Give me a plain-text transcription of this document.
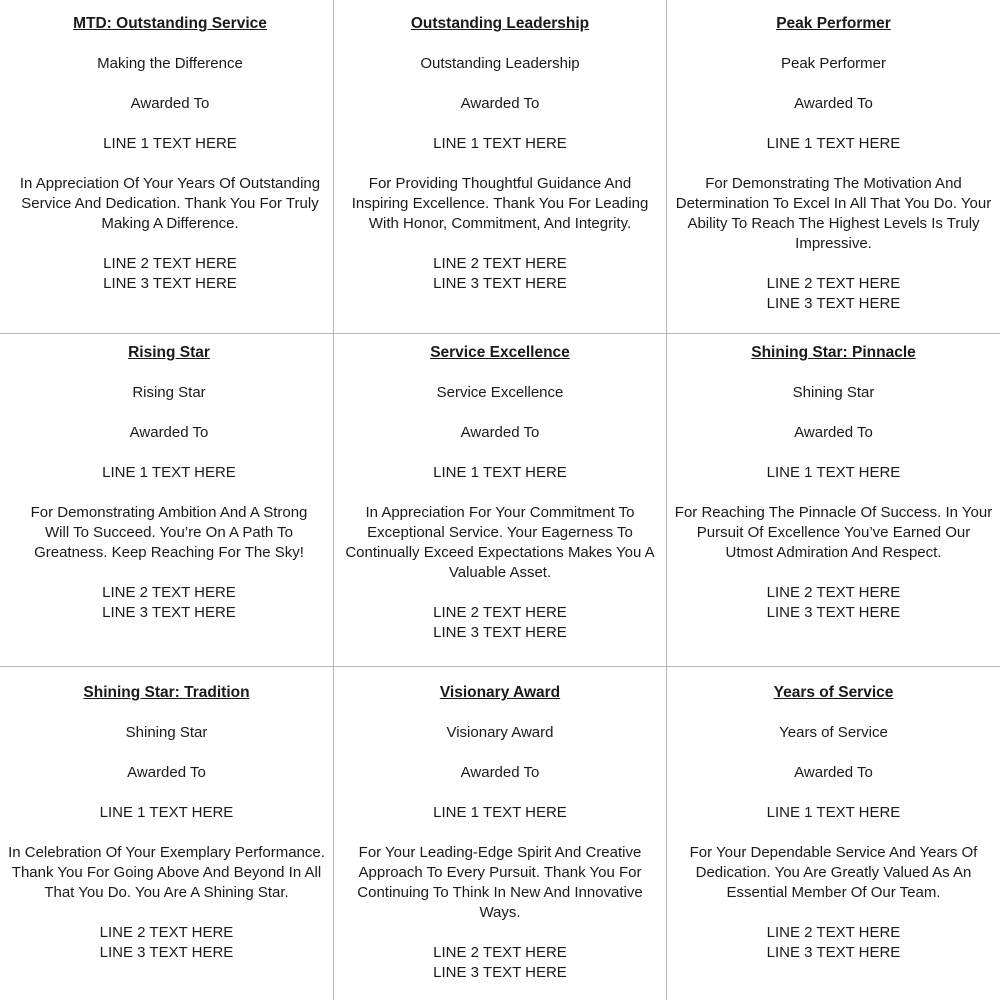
MTD: Outstanding Service
Making the Difference
Awarded To
LINE 1 TEXT HERE
In Appreciation Of Your Years Of Outstanding
Service And Dedication. Thank You For Truly
Making A Difference.
LINE 2 TEXT HERE
LINE 3 TEXT HERE
Outstanding Leadership
Outstanding Leadership
Awarded To
LINE 1 TEXT HERE
For Providing Thoughtful Guidance And
Inspiring Excellence. Thank You For Leading
With Honor, Commitment, And Integrity.
LINE 2 TEXT HERE
LINE 3 TEXT HERE
Peak Performer
Peak Performer
Awarded To
LINE 1 TEXT HERE
For Demonstrating The Motivation And
Determination To Excel In All That You Do. Your
Ability To Reach The Highest Levels Is Truly
Impressive.
LINE 2 TEXT HERE
LINE 3 TEXT HERE
Rising Star
Rising Star
Awarded To
LINE 1 TEXT HERE
For Demonstrating Ambition And A Strong
Will To Succeed. You’re On A Path To
Greatness. Keep Reaching For The Sky!
LINE 2 TEXT HERE
LINE 3 TEXT HERE
Service Excellence
Service Excellence
Awarded To
LINE 1 TEXT HERE
In Appreciation For Your Commitment To
Exceptional Service. Your Eagerness To
Continually Exceed Expectations Makes You A
Valuable Asset.
LINE 2 TEXT HERE
LINE 3 TEXT HERE
Shining Star: Pinnacle
Shining Star
Awarded To
LINE 1 TEXT HERE
For Reaching The Pinnacle Of Success. In Your
Pursuit Of Excellence You’ve Earned Our
Utmost Admiration And Respect.
LINE 2 TEXT HERE
LINE 3 TEXT HERE
Shining Star: Tradition
Shining Star
Awarded To
LINE 1 TEXT HERE
In Celebration Of Your Exemplary Performance.
Thank You For Going Above And Beyond In All
That You Do. You Are A Shining Star.
LINE 2 TEXT HERE
LINE 3 TEXT HERE
Visionary Award
Visionary Award
Awarded To
LINE 1 TEXT HERE
For Your Leading-Edge Spirit And Creative
Approach To Every Pursuit. Thank You For
Continuing To Think In New And Innovative
Ways.
LINE 2 TEXT HERE
LINE 3 TEXT HERE
Years of Service
Years of Service
Awarded To
LINE 1 TEXT HERE
For Your Dependable Service And Years Of
Dedication. You Are Greatly Valued As An
Essential Member Of Our Team.
LINE 2 TEXT HERE
LINE 3 TEXT HERE
